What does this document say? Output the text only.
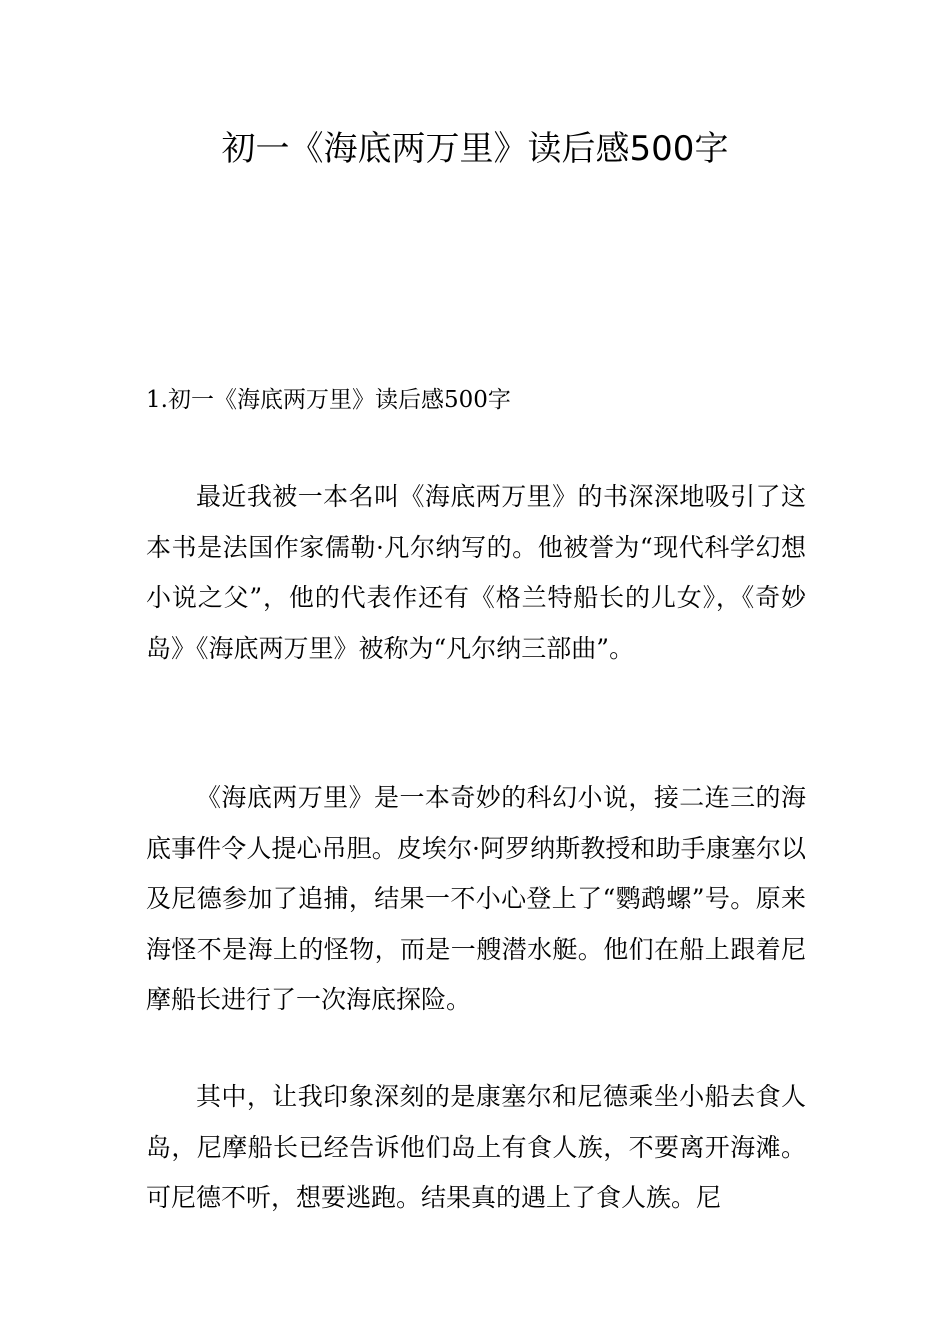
初一《海底两万里》读后感500字

1.初一《海底两万里》读后感500字

最近我被一本名叫《海底两万里》的书深深地吸引了这本书是法国作家儒勒·凡尔纳写的。他被誉为“现代科学幻想小说之父”，他的代表作还有《格兰特船长的儿女》，《奇妙岛》《海底两万里》被称为“凡尔纳三部曲”。

《海底两万里》是一本奇妙的科幻小说，接二连三的海底事件令人提心吊胆。皮埃尔·阿罗纳斯教授和助手康塞尔以及尼德参加了追捕，结果一不小心登上了“鹦鹉螺”号。原来海怪不是海上的怪物，而是一艘潜水艇。他们在船上跟着尼摩船长进行了一次海底探险。

其中，让我印象深刻的是康塞尔和尼德乘坐小船去食人岛，尼摩船长已经告诉他们岛上有食人族，不要离开海滩。可尼德不听，想要逃跑。结果真的遇上了食人族。尼
